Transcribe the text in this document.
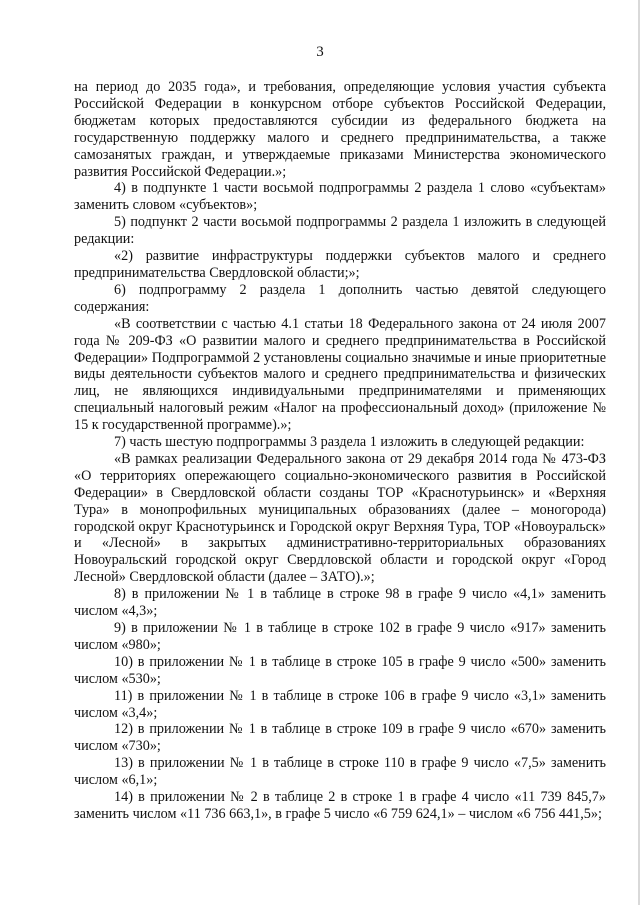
3

на период до 2035 года», и требования, определяющие условия участия субъекта Российской Федерации в конкурсном отборе субъектов Российской Федерации, бюджетам которых предоставляются субсидии из федерального бюджета на государственную поддержку малого и среднего предпринимательства, а также самозанятых граждан, и утверждаемые приказами Министерства экономического развития Российской Федерации.»;

4) в подпункте 1 части восьмой подпрограммы 2 раздела 1 слово «субъектам» заменить словом «субъектов»;

5) подпункт 2 части восьмой подпрограммы 2 раздела 1 изложить в следующей редакции:

«2) развитие инфраструктуры поддержки субъектов малого и среднего предпринимательства Свердловской области;»;

6) подпрограмму 2 раздела 1 дополнить частью девятой следующего содержания:

«В соответствии с частью 4.1 статьи 18 Федерального закона от 24 июля 2007 года № 209-ФЗ «О развитии малого и среднего предпринимательства в Российской Федерации» Подпрограммой 2 установлены социально значимые и иные приоритетные виды деятельности субъектов малого и среднего предпринимательства и физических лиц, не являющихся индивидуальными предпринимателями и применяющих специальный налоговый режим «Налог на профессиональный доход» (приложение № 15 к государственной программе).»;

7) часть шестую подпрограммы 3 раздела 1 изложить в следующей редакции:

«В рамках реализации Федерального закона от 29 декабря 2014 года № 473-ФЗ «О территориях опережающего социально-экономического развития в Российской Федерации» в Свердловской области созданы ТОР «Краснотурьинск» и «Верхняя Тура» в монопрофильных муниципальных образованиях (далее – моногорода) городской округ Краснотурьинск и Городской округ Верхняя Тура, ТОР «Новоуральск» и «Лесной» в закрытых административно-территориальных образованиях Новоуральский городской округ Свердловской области и городской округ «Город Лесной» Свердловской области (далее – ЗАТО).»;

8) в приложении № 1 в таблице в строке 98 в графе 9 число «4,1» заменить числом «4,3»;

9) в приложении № 1 в таблице в строке 102 в графе 9 число «917» заменить числом «980»;

10) в приложении № 1 в таблице в строке 105 в графе 9 число «500» заменить числом «530»;

11) в приложении № 1 в таблице в строке 106 в графе 9 число «3,1» заменить числом «3,4»;

12) в приложении № 1 в таблице в строке 109 в графе 9 число «670» заменить числом «730»;

13) в приложении № 1 в таблице в строке 110 в графе 9 число «7,5» заменить числом «6,1»;

14) в приложении № 2 в таблице 2 в строке 1 в графе 4 число «11 739 845,7» заменить числом «11 736 663,1», в графе 5 число «6 759 624,1» – числом «6 756 441,5»;
